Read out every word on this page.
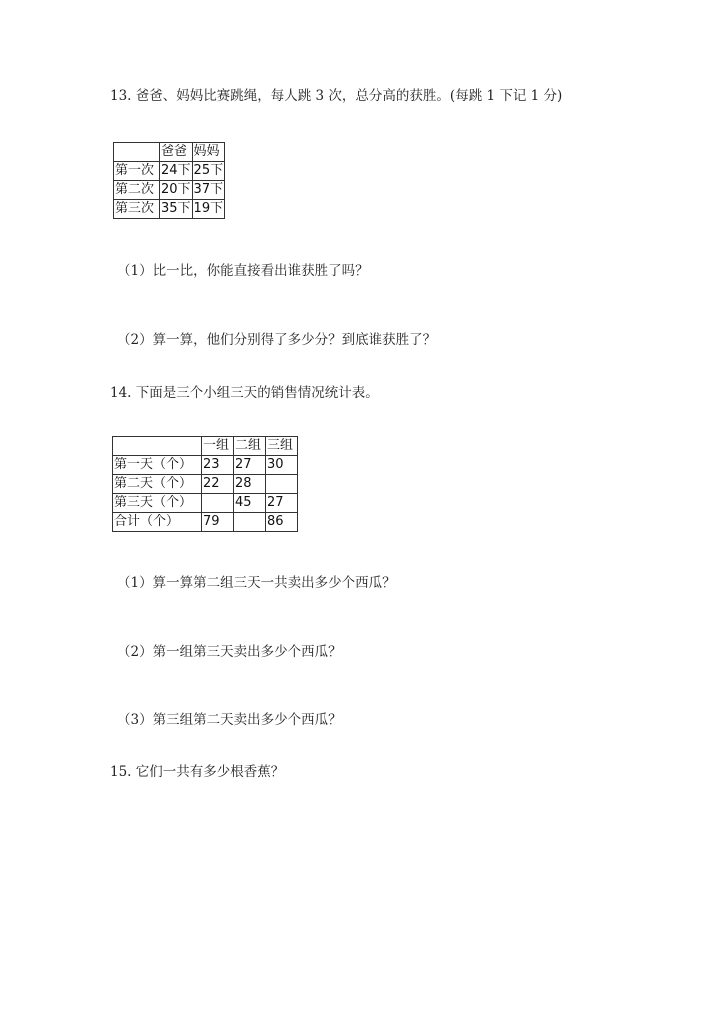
13. 爸爸、妈妈比赛跳绳，每人跳 3 次，总分高的获胜。(每跳 1 下记 1 分)
	爸爸	妈妈
第一次	24下	25下
第二次	20下	37下
第三次	35下	19下
（1）比一比，你能直接看出谁获胜了吗？
（2）算一算，他们分别得了多少分？到底谁获胜了？
14. 下面是三个小组三天的销售情况统计表。
	一组	二组	三组
第一天（个）	23	27	30
第二天（个）	22	28	
第三天（个）		45	27
合计（个）	79		86
（1）算一算第二组三天一共卖出多少个西瓜？
（2）第一组第三天卖出多少个西瓜？
（3）第三组第二天卖出多少个西瓜？
15. 它们一共有多少根香蕉？
